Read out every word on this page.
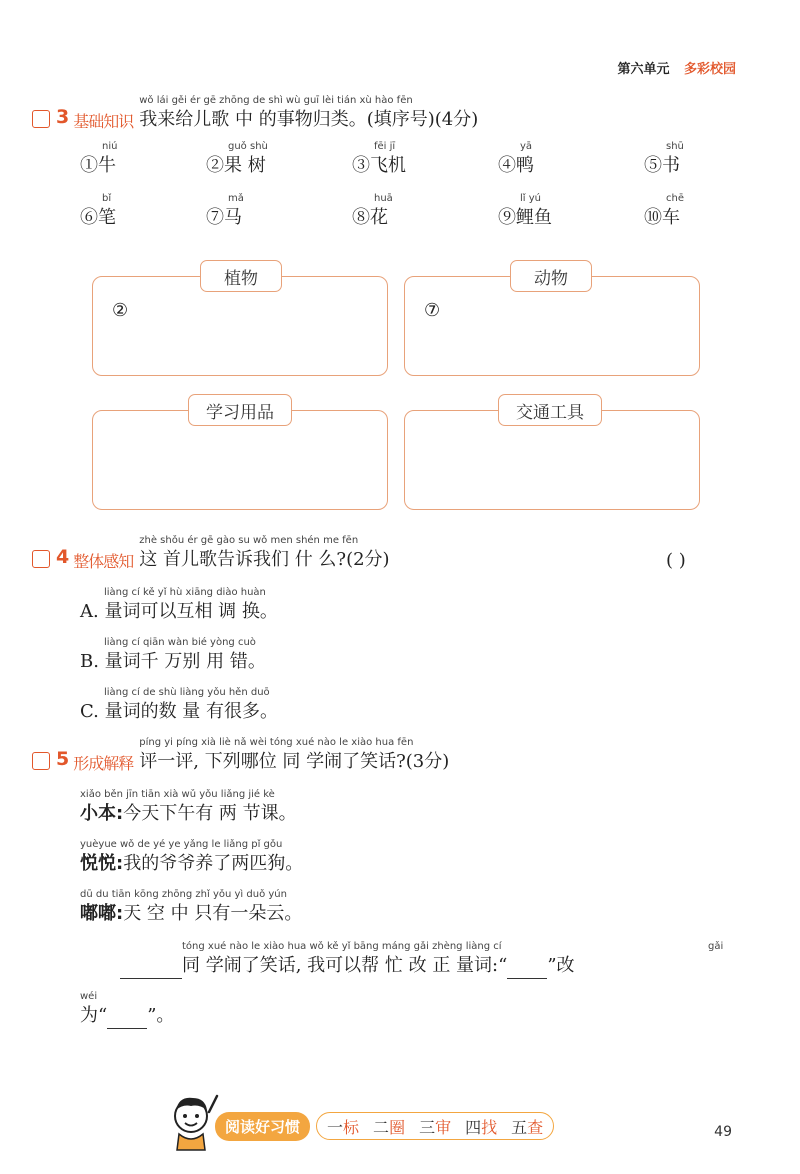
第六单元 多彩校园
3 基础知识
wǒ lái gěi ér gē zhōng de shì wù guī lèi tián xù hào fēn
我来给儿歌 中 的事物归类。(填序号)(4分)
niú
①牛
guǒ shù
②果 树
fēi jī
③飞机
yā
④鸭
shū
⑤书
bǐ
⑥笔
mǎ
⑦马
huā
⑧花
lǐ yú
⑨鲤鱼
chē
⑩车
植物
②
动物
⑦
学习用品	交通工具
4 整体感知
zhè shǒu ér gē gào su wǒ men shén me fēn
这 首儿歌告诉我们 什 么?(2分)	( )
liàng cí kě yǐ hù xiāng diào huàn
A. 量词可以互相 调 换。
liàng cí qiān wàn bié yòng cuò
B. 量词千 万别 用 错。
liàng cí de shù liàng yǒu hěn duō
C. 量词的数 量 有很多。
5 形成解释
píng yi píng xià liè nǎ wèi tóng xué nào le xiào hua fēn
评一评, 下列哪位 同 学闹了笑话?(3分)
xiǎo běn jīn tiān xià wǔ yǒu liǎng jié kè
小本:今天下午有 两 节课。
yuèyue wǒ de yé ye yǎng le liǎng pǐ gǒu
悦悦:我的爷爷养了两匹狗。
dū du tiān kōng zhōng zhǐ yǒu yì duǒ yún
嘟嘟:天 空 中 只有一朵云。
tóng xué nào le xiào hua wǒ kě yǐ bāng máng gǎi zhèng liàng cí
同 学闹了笑话, 我可以帮 忙 改 正 量词:“ ”改
gǎi
wéi
为“ ”。
阅读好习惯	一标 二圈 三审 四找 五查	49
